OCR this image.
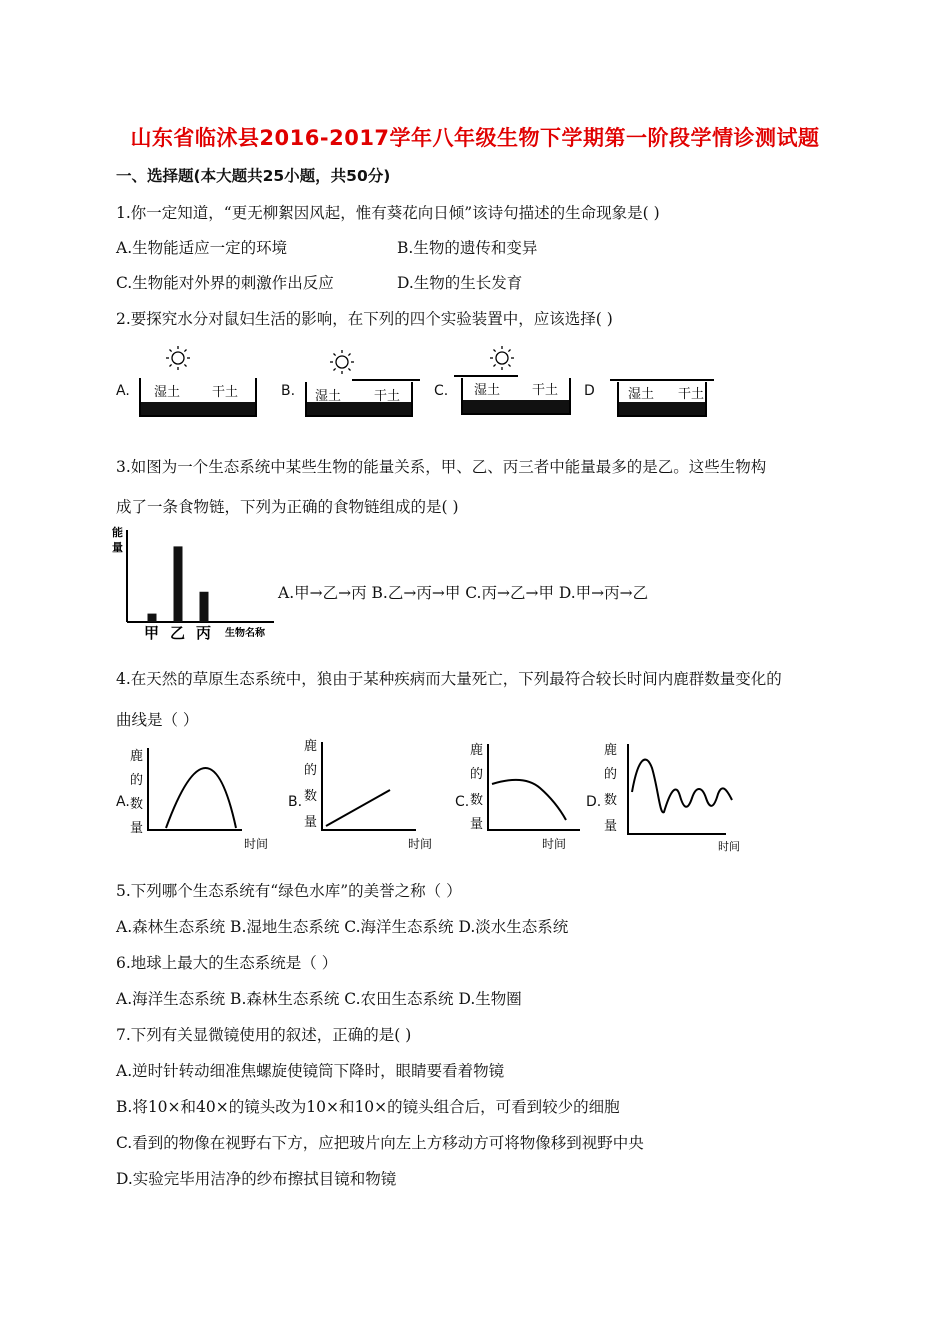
山东省临沭县2016-2017学年八年级生物下学期第一阶段学情诊测试题
一、选择题(本大题共25小题，共50分)
1.你一定知道，“更无柳絮因风起，惟有葵花向日倾”该诗句描述的生命现象是( )
A.生物能适应一定的环境	B.生物的遗传和变异
C.生物能对外界的刺激作出反应	D.生物的生长发育
2.要探究水分对鼠妇生活的影响，在下列的四个实验装置中，应该选择( )
A.	B.	C.	D
湿土 干土	湿土	干土	湿土 干土	湿土 干土
3.如图为一个生态系统中某些生物的能量关系，甲、乙、丙三者中能量最多的是乙。这些生物构
成了一条食物链，下列为正确的食物链组成的是( )
能
量
甲 乙 丙 生物名称
A.甲→乙→丙 B.乙→丙→甲 C.丙→乙→甲 D.甲→丙→乙
4.在天然的草原生态系统中，狼由于某种疾病而大量死亡，下列最符合较长时间内鹿群数量变化的
曲线是（ ）
A.	B.	C.	D.
鹿
的
数
量
时间
鹿
的
数
量
时间
鹿
的
数
量
时间
鹿
的
数
量
时间
5.下列哪个生态系统有“绿色水库”的美誉之称（ ）
A.森林生态系统 B.湿地生态系统 C.海洋生态系统 D.淡水生态系统
6.地球上最大的生态系统是（ ）
A.海洋生态系统 B.森林生态系统 C.农田生态系统 D.生物圈
7.下列有关显微镜使用的叙述，正确的是( )
A.逆时针转动细准焦螺旋使镜筒下降时，眼睛要看着物镜
B.将10×和40×的镜头改为10×和10×的镜头组合后，可看到较少的细胞
C.看到的物像在视野右下方，应把玻片向左上方移动方可将物像移到视野中央
D.实验完毕用洁净的纱布擦拭目镜和物镜
